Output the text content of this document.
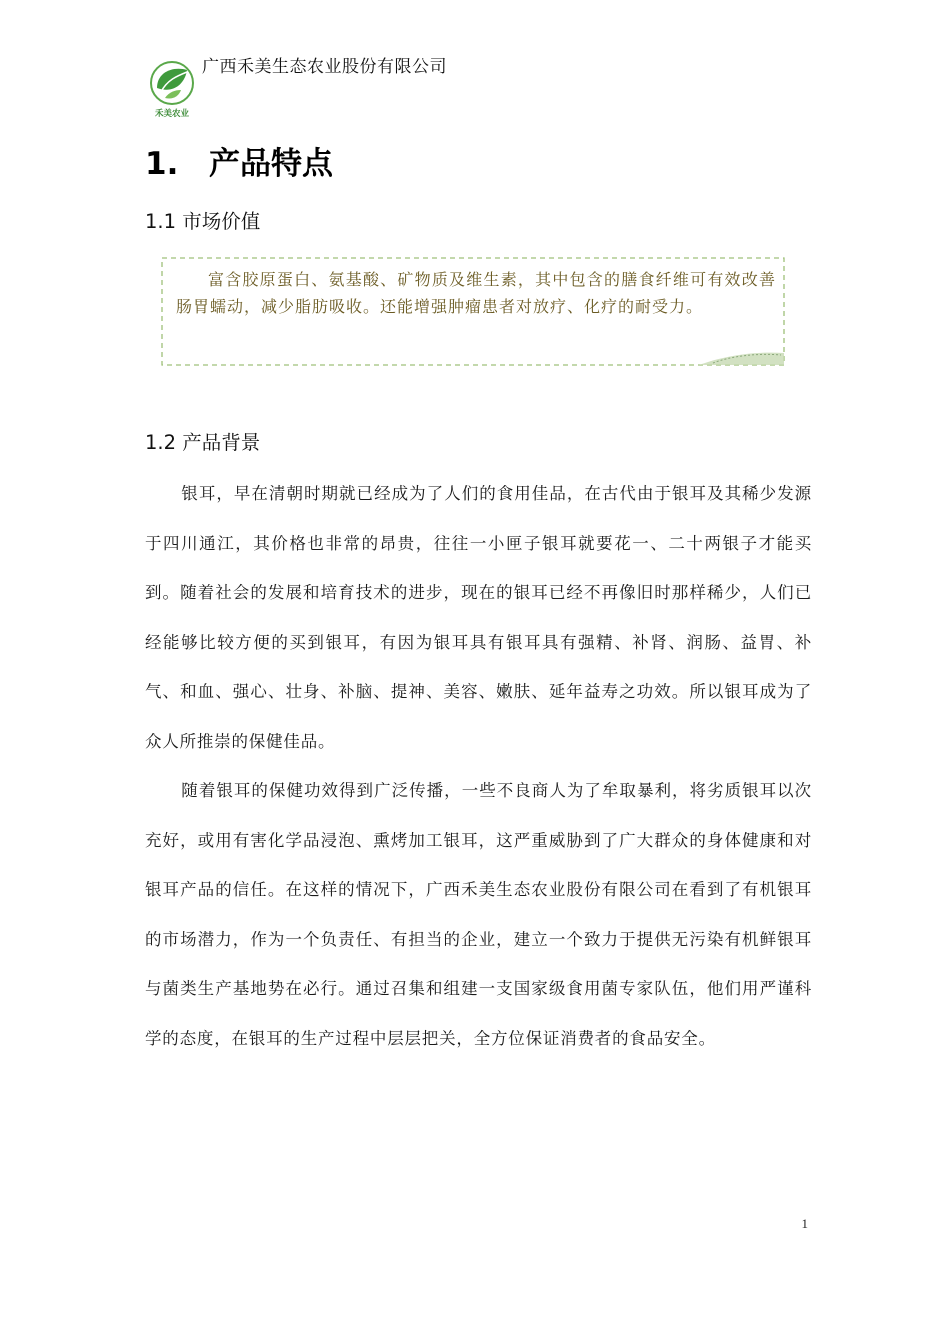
禾美农业
广西禾美生态农业股份有限公司
1. 产品特点
1.1 市场价值
富含胶原蛋白、氨基酸、矿物质及维生素，其中包含的膳食纤维可有效改善肠胃蠕动，减少脂肪吸收。还能增强肿瘤患者对放疗、化疗的耐受力。
1.2 产品背景
银耳，早在清朝时期就已经成为了人们的食用佳品，在古代由于银耳及其稀少发源于四川通江，其价格也非常的昂贵，往往一小匣子银耳就要花一、二十两银子才能买到。随着社会的发展和培育技术的进步，现在的银耳已经不再像旧时那样稀少，人们已经能够比较方便的买到银耳，有因为银耳具有银耳具有强精、补肾、润肠、益胃、补气、和血、强心、壮身、补脑、提神、美容、嫩肤、延年益寿之功效。所以银耳成为了众人所推崇的保健佳品。
随着银耳的保健功效得到广泛传播，一些不良商人为了牟取暴利，将劣质银耳以次充好，或用有害化学品浸泡、熏烤加工银耳，这严重威胁到了广大群众的身体健康和对银耳产品的信任。在这样的情况下，广西禾美生态农业股份有限公司在看到了有机银耳的市场潜力，作为一个负责任、有担当的企业，建立一个致力于提供无污染有机鲜银耳与菌类生产基地势在必行。通过召集和组建一支国家级食用菌专家队伍，他们用严谨科学的态度，在银耳的生产过程中层层把关，全方位保证消费者的食品安全。
1
